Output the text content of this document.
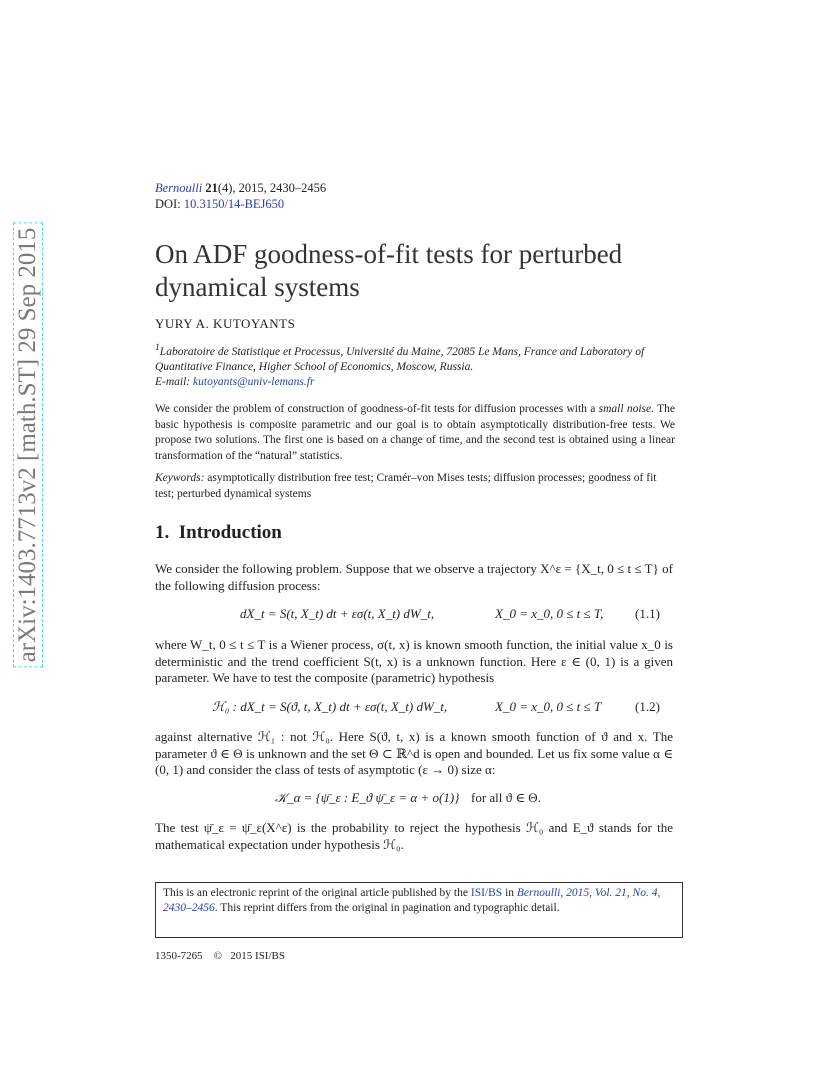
arXiv:1403.7713v2 [math.ST] 29 Sep 2015
Bernoulli 21(4), 2015, 2430–2456
DOI: 10.3150/14-BEJ650
On ADF goodness-of-fit tests for perturbed dynamical systems
YURY A. KUTOYANTS
$^1$Laboratoire de Statistique et Processus, Université du Maine, 72085 Le Mans, France and Laboratory of Quantitative Finance, Higher School of Economics, Moscow, Russia.
E-mail: kutoyants@univ-lemans.fr
We consider the problem of construction of goodness-of-fit tests for diffusion processes with a small noise. The basic hypothesis is composite parametric and our goal is to obtain asymptotically distribution-free tests. We propose two solutions. The first one is based on a change of time, and the second test is obtained using a linear transformation of the “natural” statistics.
Keywords: asymptotically distribution free test; Cramér–von Mises tests; diffusion processes; goodness of fit test; perturbed dynamical systems
1. Introduction
We consider the following problem. Suppose that we observe a trajectory X^ε = {X_t, 0 ≤ t ≤ T} of the following diffusion process:
dX_t = S(t, X_t) dt + εσ(t, X_t) dW_t,	X_0 = x_0, 0 ≤ t ≤ T, (1.1)
where W_t, 0 ≤ t ≤ T is a Wiener process, σ(t, x) is known smooth function, the initial value x_0 is deterministic and the trend coefficient S(t, x) is a unknown function. Here ε ∈ (0, 1) is a given parameter. We have to test the composite (parametric) hypothesis
ℋ₀ : dX_t = S(ϑ, t, X_t) dt + εσ(t, X_t) dW_t,	X_0 = x_0, 0 ≤ t ≤ T	(1.2)
against alternative ℋ₁ : not ℋ₀. Here S(ϑ, t, x) is a known smooth function of ϑ and x. The parameter ϑ ∈ Θ is unknown and the set Θ ⊂ ℝ^d is open and bounded. Let us fix some value α ∈ (0, 1) and consider the class of tests of asymptotic (ε → 0) size α:
𝒦_α = {ψ̄_ε : E_ϑ ψ̄_ε = α + o(1)} for all ϑ ∈ Θ.
The test ψ̄_ε = ψ̄_ε(X^ε) is the probability to reject the hypothesis ℋ₀ and E_ϑ stands for the mathematical expectation under hypothesis ℋ₀.
This is an electronic reprint of the original article published by the ISI/BS in Bernoulli, 2015, Vol. 21, No. 4, 2430–2456. This reprint differs from the original in pagination and typographic detail.
1350-7265 © 2015 ISI/BS
